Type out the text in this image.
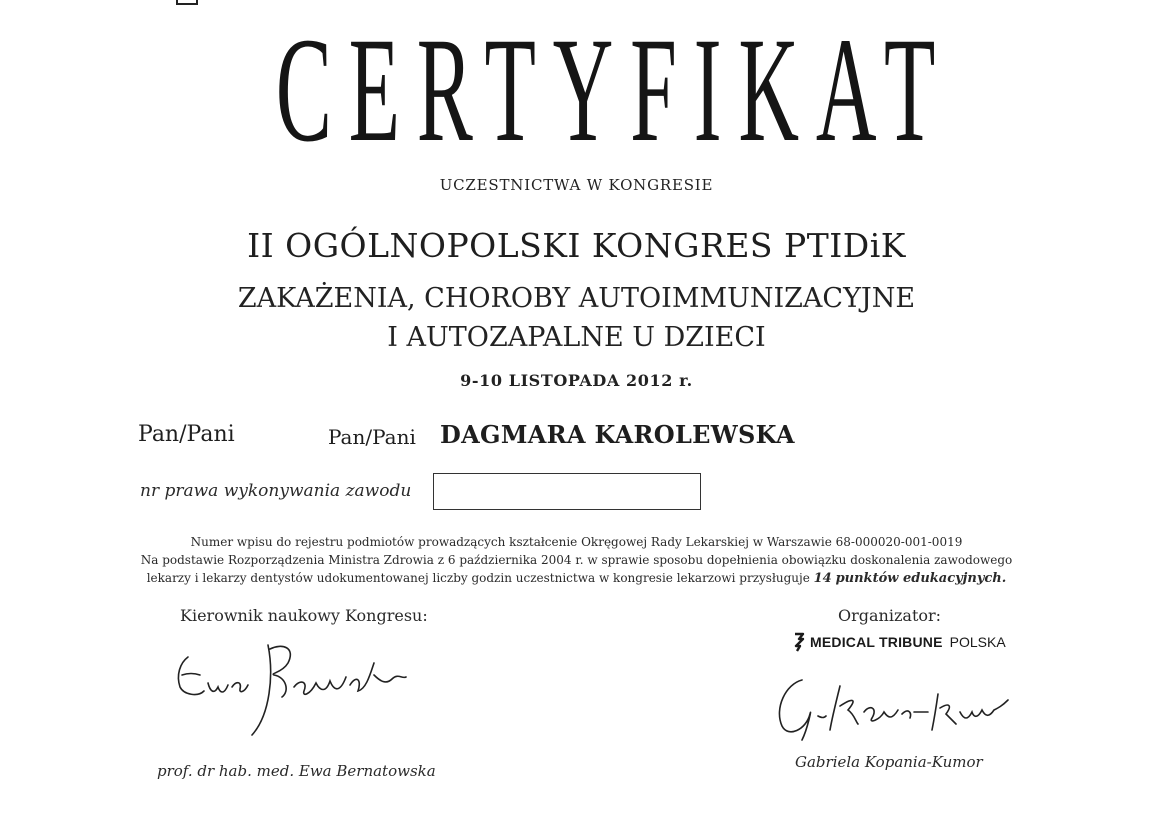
CERTYFIKAT
UCZESTNICTWA W KONGRESIE
II OGÓLNOPOLSKI KONGRES PTIDiK
ZAKAŻENIA, CHOROBY AUTOIMMUNIZACYJNE
I AUTOZAPALNE U DZIECI
9-10 LISTOPADA 2012 r.
Pan/Pani	Pan/Pani DAGMARA KAROLEWSKA
nr prawa wykonywania zawodu
Numer wpisu do rejestru podmiotów prowadzących kształcenie Okręgowej Rady Lekarskiej w Warszawie 68-000020-001-0019
Na podstawie Rozporządzenia Ministra Zdrowia z 6 października 2004 r. w sprawie sposobu dopełnienia obowiązku doskonalenia zawodowego
lekarzy i lekarzy dentystów udokumentowanej liczby godzin uczestnictwa w kongresie lekarzowi przysługuje 14 punktów edukacyjnych.
Kierownik naukowy Kongresu:	Organizator:
MEDICAL TRIBUNE POLSKA
prof. dr hab. med. Ewa Bernatowska	Gabriela Kopania-Kumor
